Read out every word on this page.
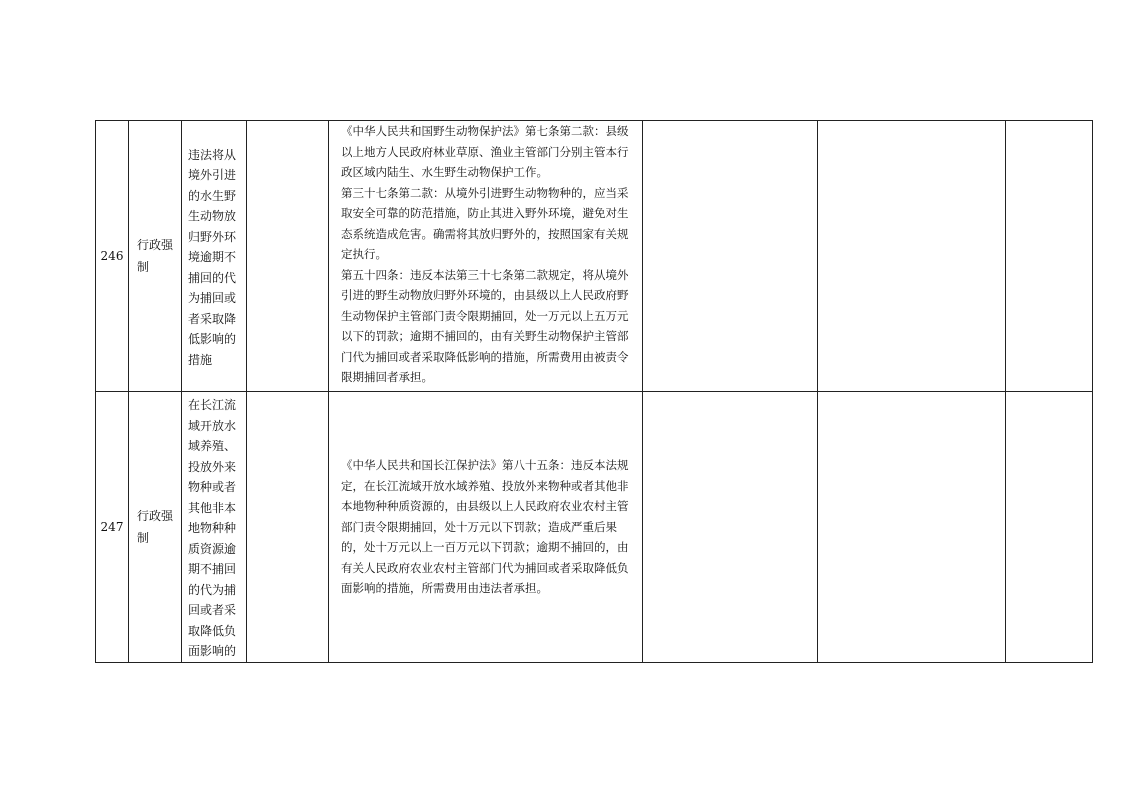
246	行政强制	违法将从境外引进的水生野生动物放归野外环境逾期不捕回的代为捕回或者采取降低影响的措施		《中华人民共和国野生动物保护法》第七条第二款：县级以上地方人民政府林业草原、渔业主管部门分别主管本行政区域内陆生、水生野生动物保护工作。

第三十七条第二款：从境外引进野生动物物种的，应当采取安全可靠的防范措施，防止其进入野外环境，避免对生态系统造成危害。确需将其放归野外的，按照国家有关规定执行。

第五十四条：违反本法第三十七条第二款规定，将从境外引进的野生动物放归野外环境的，由县级以上人民政府野生动物保护主管部门责令限期捕回，处一万元以上五万元以下的罚款；逾期不捕回的，由有关野生动物保护主管部门代为捕回或者采取降低影响的措施，所需费用由被责令限期捕回者承担。			

247	行政强制	在长江流域开放水域养殖、投放外来物种或者其他非本地物种种质资源逾期不捕回的代为捕回或者采取降低负面影响的		《中华人民共和国长江保护法》第八十五条：违反本法规定，在长江流域开放水域养殖、投放外来物种或者其他非本地物种种质资源的，由县级以上人民政府农业农村主管部门责令限期捕回，处十万元以下罚款；造成严重后果的，处十万元以上一百万元以下罚款；逾期不捕回的，由有关人民政府农业农村主管部门代为捕回或者采取降低负面影响的措施，所需费用由违法者承担。			
